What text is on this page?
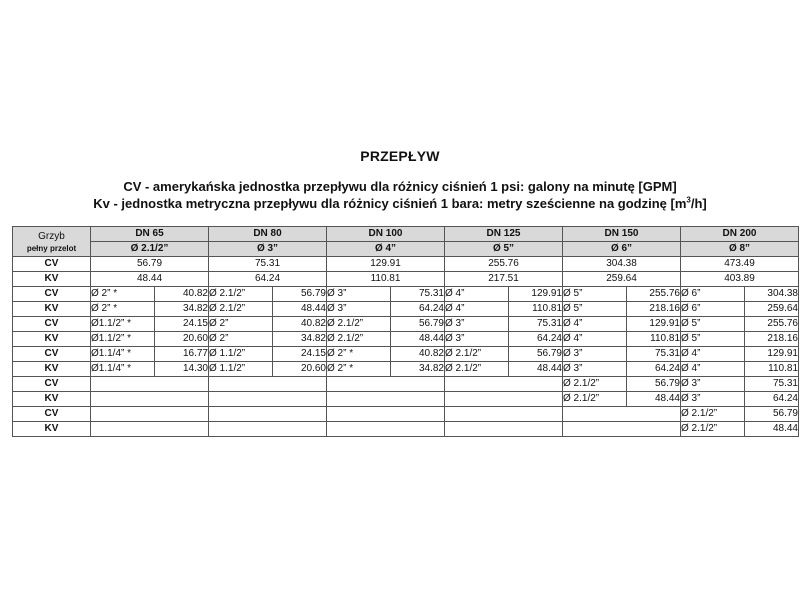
PRZEPŁYW
CV - amerykańska jednostka przepływu dla różnicy ciśnień 1 psi: galony na minutę [GPM]
Kv - jednostka metryczna przepływu dla różnicy ciśnień 1 bara: metry sześcienne na godzinę $[m^3/h]$
Grzyb
pełny przelot	DN 65		DN 80		DN 100		DN 125		DN 150		DN 200	
	Ø 2.1/2”		Ø 3”		Ø 4”		Ø 5”		Ø 6”		Ø 8”	
CV	56.79		75.31		129.91		255.76		304.38		473.49	
KV	48.44		64.24		110.81		217.51		259.64		403.89	
CV	Ø 2” *	40.82	Ø 2.1/2”	56.79	Ø 3”	75.31	Ø 4”	129.91	Ø 5”	255.76	Ø 6”	304.38
KV	Ø 2” *	34.82	Ø 2.1/2”	48.44	Ø 3”	64.24	Ø 4”	110.81	Ø 5”	218.16	Ø 6”	259.64
CV	Ø1.1/2” *	24.15	Ø 2”	40.82	Ø 2.1/2”	56.79	Ø 3”	75.31	Ø 4”	129.91	Ø 5”	255.76
KV	Ø1.1/2” *	20.60	Ø 2”	34.82	Ø 2.1/2”	48.44	Ø 3”	64.24	Ø 4”	110.81	Ø 5”	218.16
CV	Ø1.1/4” *	16.77	Ø 1.1/2”	24.15	Ø 2” *	40.82	Ø 2.1/2”	56.79	Ø 3”	75.31	Ø 4”	129.91
KV	Ø1.1/4” *	14.30	Ø 1.1/2”	20.60	Ø 2” *	34.82	Ø 2.1/2”	48.44	Ø 3”	64.24	Ø 4”	110.81
CV									Ø 2.1/2”	56.79	Ø 3”	75.31
KV									Ø 2.1/2”	48.44	Ø 3”	64.24
CV											Ø 2.1/2”	56.79
KV											Ø 2.1/2”	48.44
